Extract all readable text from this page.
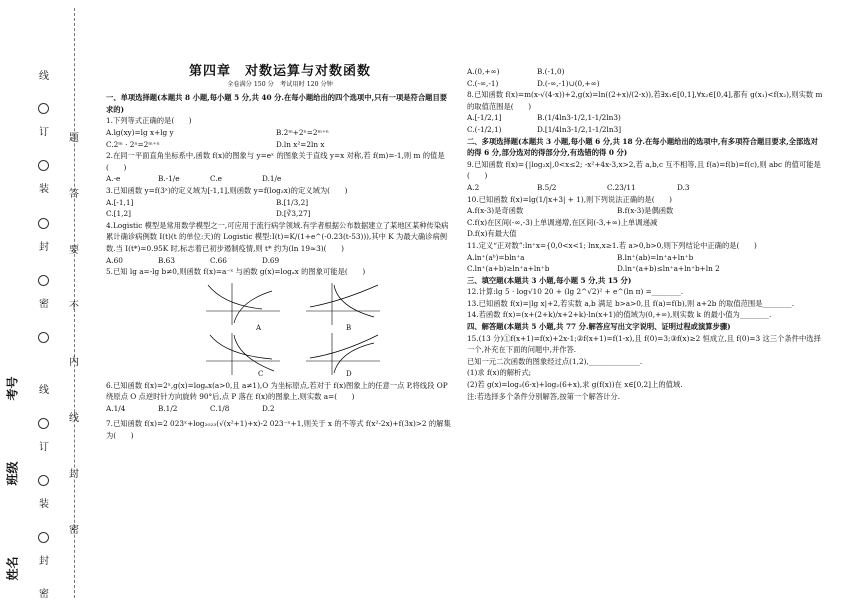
线
订
装
封
密
题
答
要
不
内
线
封
密
线
订
装
封
密
考号
班级
姓名
第四章　对数运算与对数函数
全卷满分 150 分　考试用时 120 分钟
一、单项选择题(本题共 8 小题,每小题 5 分,共 40 分.在每小题给出的四个选项中,只有一项是符合题目要求的)
1.下列等式正确的是(　　)
A.lg(xy)=lg x+lg y	B.2ᵐ+2ⁿ=2ᵐ⁺ⁿ
C.2ᵐ · 2ⁿ=2ᵐ⁺ⁿ	D.ln x²=2ln x
2.在同一平面直角坐标系中,函数 f(x)的图象与 y=eˣ 的图象关于直线 y=x 对称,若 f(m)=-1,则 m 的值是(　　)
A.-e	B.-1/e	C.e	D.1/e
3.已知函数 y=f(3ˣ)的定义域为[-1,1],则函数 y=f(log₃x)的定义域为(　　)
A.[-1,1]	B.[1/3,2]
C.[1,2]	D.[∛3,27]
4.Logistic 模型是常用数学模型之一,可应用于流行病学领域.有学者根据公布数据建立了某地区某种传染病累计确诊病例数 I(t)(t 的单位:天)的 Logistic 模型:I(t)=K/(1+e^(-0.23(t-53))),其中 K 为最大确诊病例数.当 I(t*)=0.95K 时,标志着已初步遏制疫情,则 t* 约为(ln 19≈3)(　　)
A.60	B.63	C.66	D.69
5.已知 lg a=-lg b≠0,则函数 f(x)=a⁻ˣ 与函数 g(x)=logₐx 的图象可能是(　　)
A	B
C	D
6.已知函数 f(x)=2ˣ,g(x)=logₐx(a>0,且 a≠1),O 为坐标原点,若对于 f(x)图象上的任意一点 P,将线段 OP 绕原点 O 点逆时针方向旋转 90°后,点 P 落在 f(x)的图象上,则实数 a=(　　)
A.1/4	B.1/2	C.1/8	D.2
7.已知函数 f(x)=2 023ˣ+log₂₀₂₃(√(x²+1)+x)-2 023⁻ˣ+1,则关于 x 的不等式 f(x²-2x)+f(3x)>2 的解集为(　　)
A.(0,+∞)	B.(-1,0)
C.(-∞,-1)	D.(-∞,-1)∪(0,+∞)
8.已知函数 f(x)=m(x-√(4-x))+2,g(x)=ln((2+x)/(2-x)),若∃x₁∈[0,1],∀x₂∈[0,4],都有 g(x₁)<f(x₂),则实数 m 的取值范围是(　　)
A.[-1/2,1]	B.(1/4ln3-1/2,1-1/2ln3)
C.(-1/2,1)	D.[1/4ln3-1/2,1-1/2ln3]
二、多项选择题(本题共 3 小题,每小题 6 分,共 18 分.在每小题给出的选项中,有多项符合题目要求,全部选对的得 6 分,部分选对的得部分分,有选错的得 0 分)
9.已知函数 f(x)={|log₂x|,0<x≤2; -x²+4x-3,x>2,若 a,b,c 互不相等,且 f(a)=f(b)=f(c),则 abc 的值可能是(　　)
A.2	B.5/2	C.23/11	D.3
10.已知函数 f(x)=lg(1/|x+3| + 1),则下列说法正确的是(　　)
A.f(x-3)是奇函数	B.f(x-3)是偶函数
C.f(x)在区间(-∞,-3)上单调递增,在区间(-3,+∞)上单调递减
D.f(x)有最大值
11.定义“正对数”:ln⁺x={0,0<x<1; lnx,x≥1.若 a>0,b>0,则下列结论中正确的是(　　)
A.ln⁺(aᵇ)=bln⁺a	B.ln⁺(ab)=ln⁺a+ln⁺b
C.ln⁺(a+b)≥ln⁺a+ln⁺b	D.ln⁺(a+b)≤ln⁺a+ln⁺b+ln 2
三、填空题(本题共 3 小题,每小题 5 分,共 15 分)
12.计算:lg 5 · log√10 20 + (lg 2^√2)² + e^(ln π) =________.
13.已知函数 f(x)=|lg x|+2,若实数 a,b 满足 b>a>0,且 f(a)=f(b),则 a+2b 的取值范围是________.
14.若函数 f(x)=(x+(2+k)/x+2+k)·ln(x+1)的值域为(0,+∞),则实数 k 的最小值为________.
四、解答题(本题共 5 小题,共 77 分.解答应写出文字说明、证明过程或演算步骤)
15.(13 分)①f(x+1)=f(x)+2x-1;②f(x+1)=f(1-x),且 f(0)=3;③f(x)≥2 恒成立,且 f(0)=3 这三个条件中选择一个,补充在下面的问题中,并作答.
已知一元二次函数的图象经过点(1,2),______________.
(1)求 f(x)的解析式;
(2)若 g(x)=log₂(6-x)+log₂(6+x),求 g(f(x))在 x∈[0,2]上的值域.
注:若选择多个条件分别解答,按第一个解答计分.
